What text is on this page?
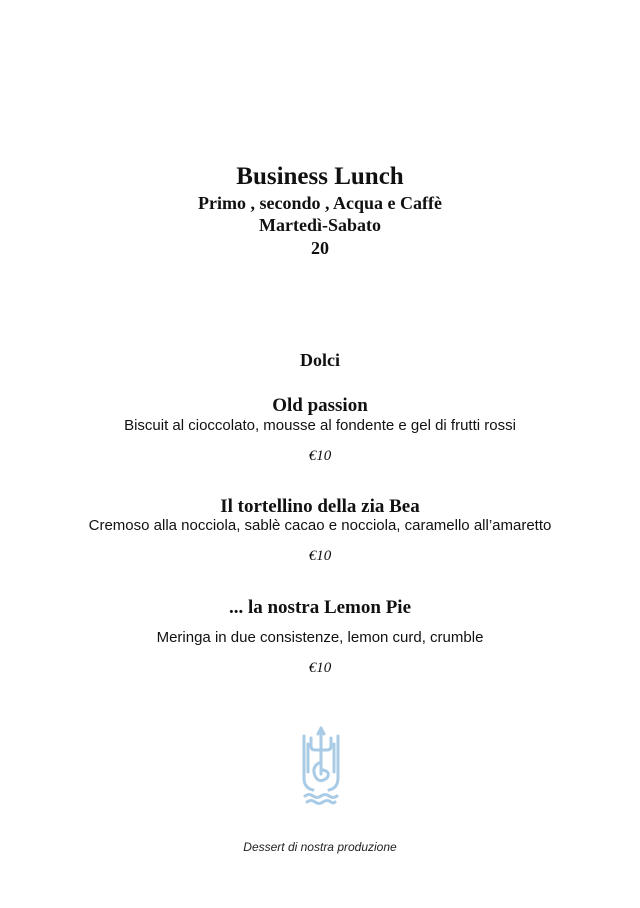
Business Lunch
Primo , secondo , Acqua e Caffè
Martedì-Sabato
20
Dolci
Old passion
Biscuit al cioccolato, mousse al fondente e gel di frutti rossi
€10
Il tortellino della zia Bea
Cremoso alla nocciola, sablè cacao e nocciola, caramello all’amaretto
€10
... la nostra Lemon Pie
Meringa in due consistenze, lemon curd, crumble
€10
Dessert di nostra produzione
